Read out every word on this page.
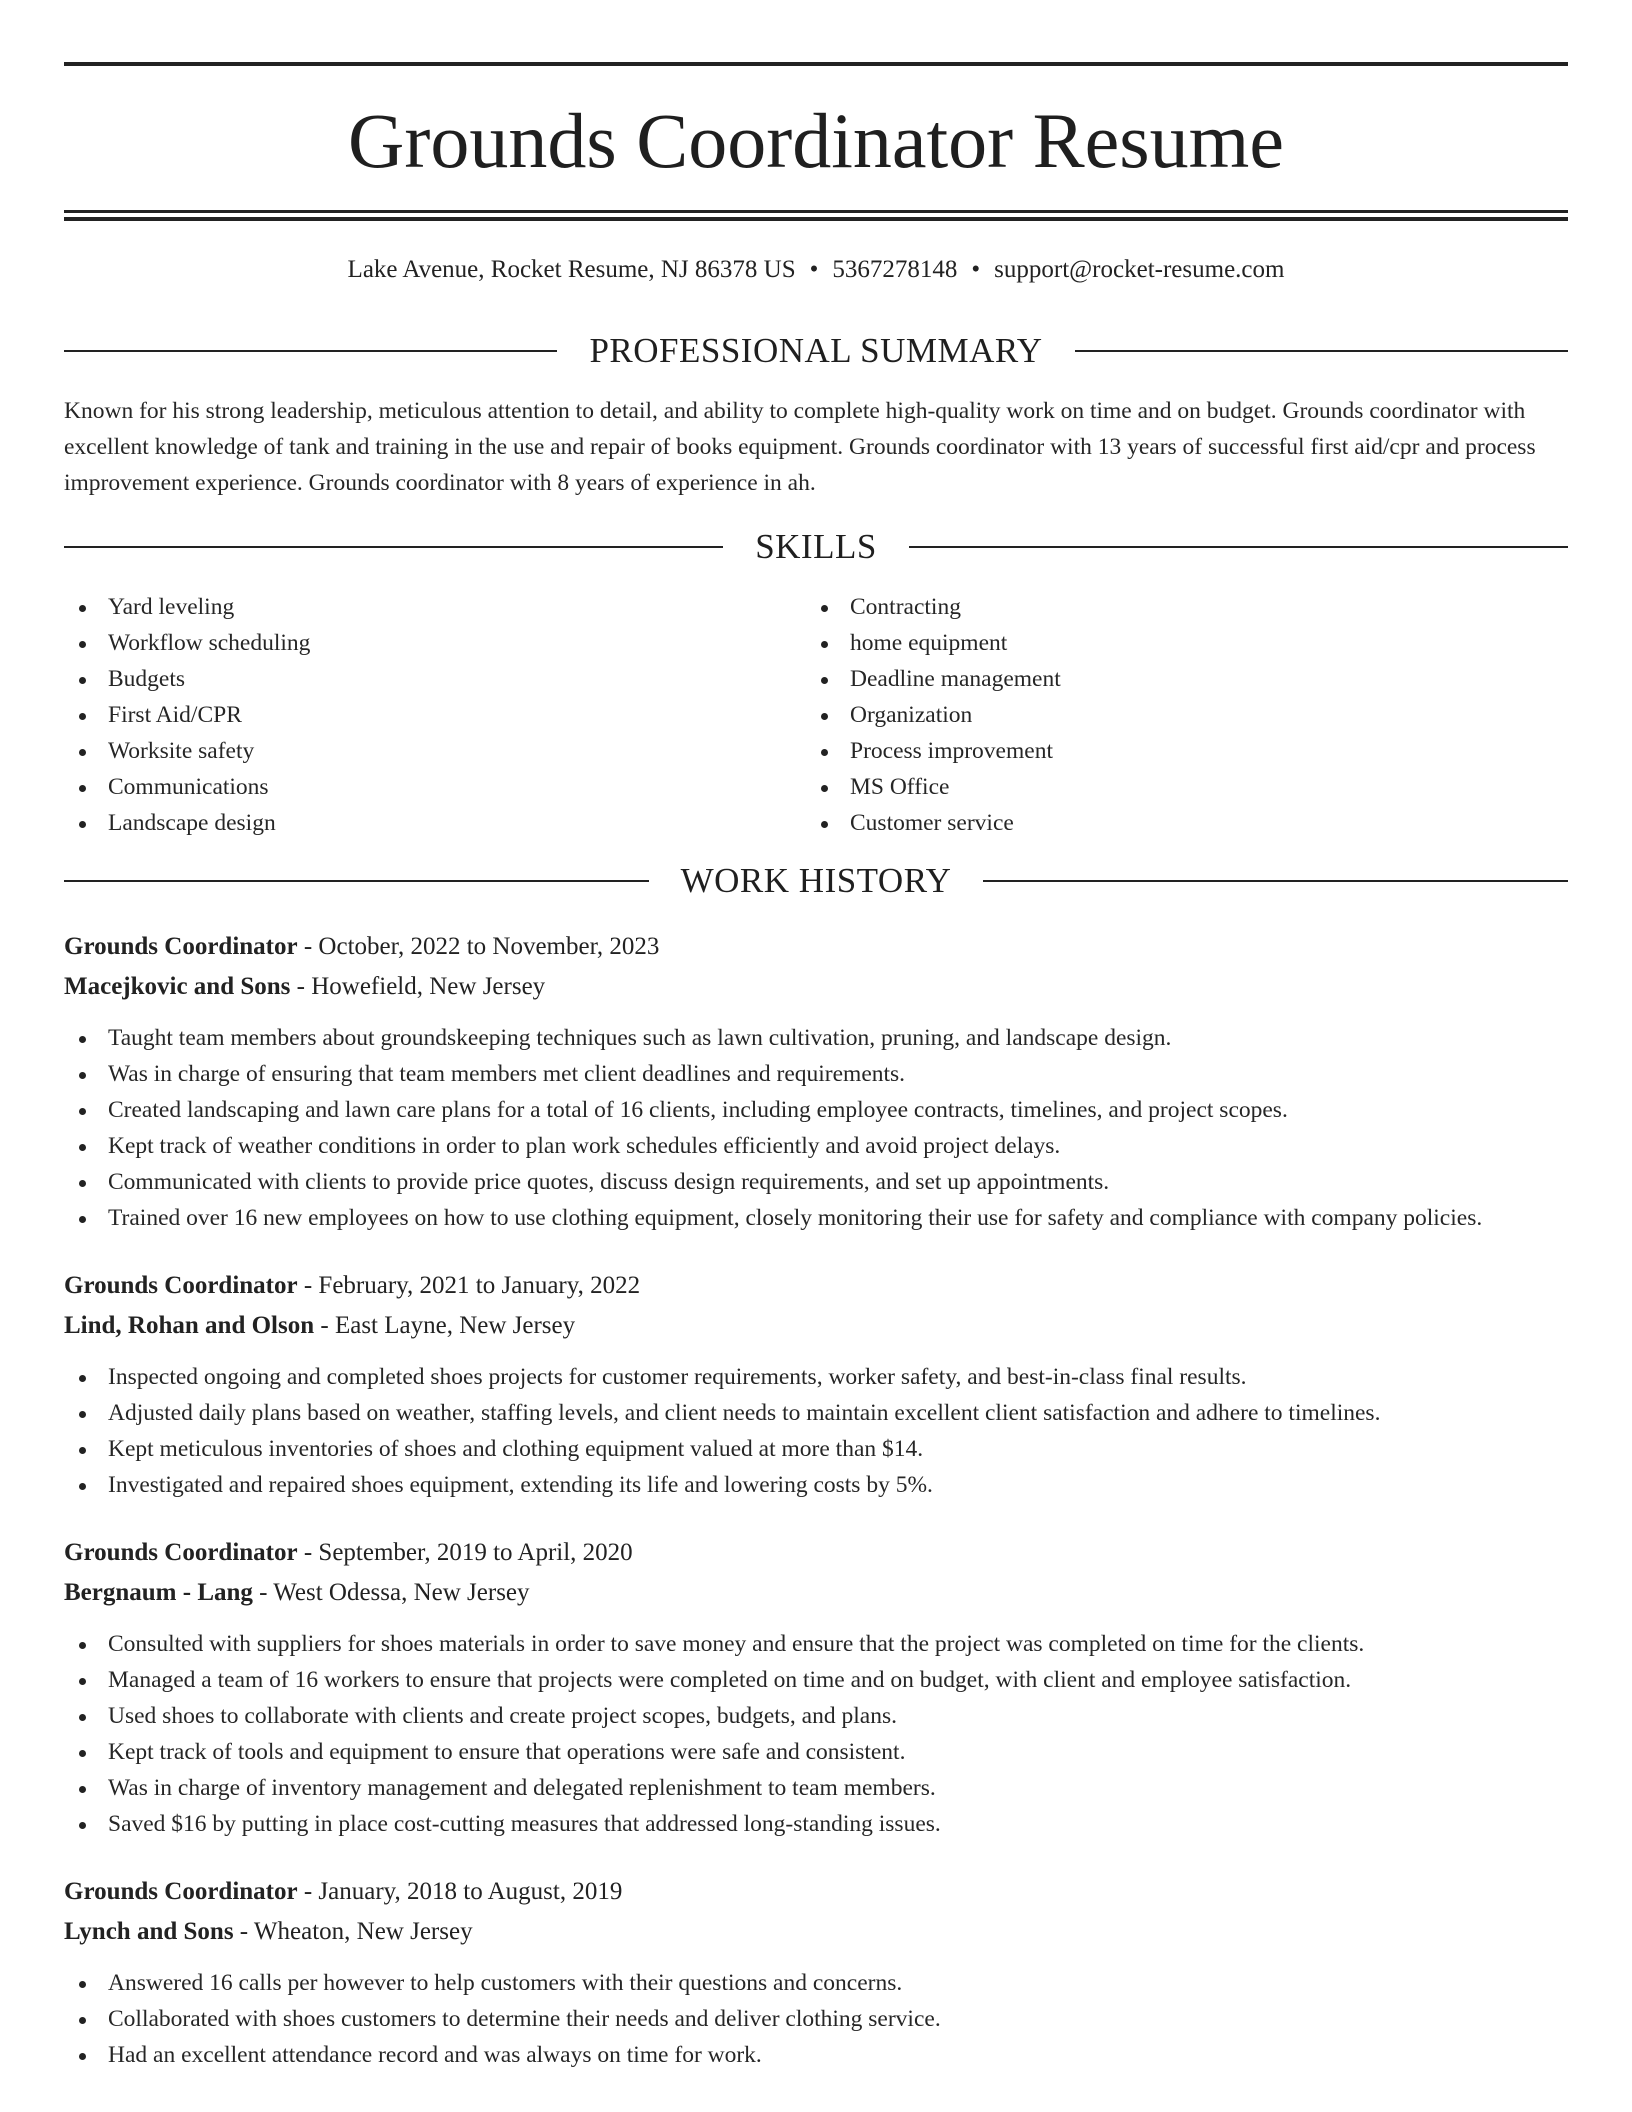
Grounds Coordinator Resume
Lake Avenue, Rocket Resume, NJ 86378 US • 5367278148 • support@rocket-resume.com
PROFESSIONAL SUMMARY

Known for his strong leadership, meticulous attention to detail, and ability to complete high-quality work on time and on budget. Grounds coordinator with excellent knowledge of tank and training in the use and repair of books equipment. Grounds coordinator with 13 years of successful first aid/cpr and process improvement experience. Grounds coordinator with 8 years of experience in ah.

SKILLS
Yard leveling
Workflow scheduling
Budgets
First Aid/CPR
Worksite safety
Communications
Landscape design
Contracting
home equipment
Deadline management
Organization
Process improvement
MS Office
Customer service
WORK HISTORY
Grounds Coordinator - October, 2022 to November, 2023
Macejkovic and Sons - Howefield, New Jersey
Taught team members about groundskeeping techniques such as lawn cultivation, pruning, and landscape design.
Was in charge of ensuring that team members met client deadlines and requirements.
Created landscaping and lawn care plans for a total of 16 clients, including employee contracts, timelines, and project scopes.
Kept track of weather conditions in order to plan work schedules efficiently and avoid project delays.
Communicated with clients to provide price quotes, discuss design requirements, and set up appointments.
Trained over 16 new employees on how to use clothing equipment, closely monitoring their use for safety and compliance with company policies.
Grounds Coordinator - February, 2021 to January, 2022
Lind, Rohan and Olson - East Layne, New Jersey
Inspected ongoing and completed shoes projects for customer requirements, worker safety, and best-in-class final results.
Adjusted daily plans based on weather, staffing levels, and client needs to maintain excellent client satisfaction and adhere to timelines.
Kept meticulous inventories of shoes and clothing equipment valued at more than $14.
Investigated and repaired shoes equipment, extending its life and lowering costs by 5%.
Grounds Coordinator - September, 2019 to April, 2020
Bergnaum - Lang - West Odessa, New Jersey
Consulted with suppliers for shoes materials in order to save money and ensure that the project was completed on time for the clients.
Managed a team of 16 workers to ensure that projects were completed on time and on budget, with client and employee satisfaction.
Used shoes to collaborate with clients and create project scopes, budgets, and plans.
Kept track of tools and equipment to ensure that operations were safe and consistent.
Was in charge of inventory management and delegated replenishment to team members.
Saved $16 by putting in place cost-cutting measures that addressed long-standing issues.
Grounds Coordinator - January, 2018 to August, 2019
Lynch and Sons - Wheaton, New Jersey
Answered 16 calls per however to help customers with their questions and concerns.
Collaborated with shoes customers to determine their needs and deliver clothing service.
Had an excellent attendance record and was always on time for work.
